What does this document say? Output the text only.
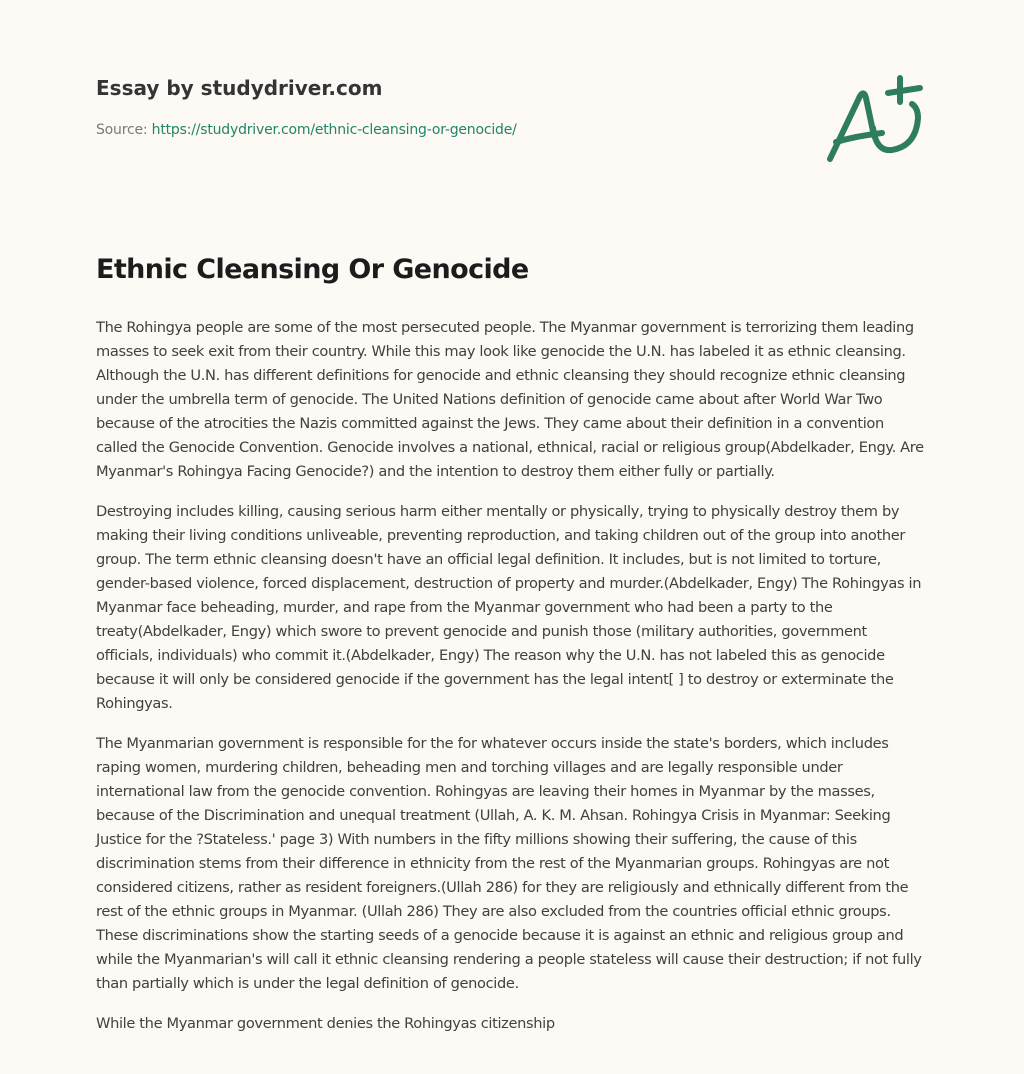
Essay by studydriver.com
Source: https://studydriver.com/ethnic-cleansing-or-genocide/
Ethnic Cleansing Or Genocide

The Rohingya people are some of the most persecuted people. The Myanmar government is terrorizing them leading masses to seek exit from their country. While this may look like genocide the U.N. has labeled it as ethnic cleansing. Although the U.N. has different definitions for genocide and ethnic cleansing they should recognize ethnic cleansing under the umbrella term of genocide. The United Nations definition of genocide came about after World War Two because of the atrocities the Nazis committed against the Jews. They came about their definition in a convention called the Genocide Convention. Genocide involves a national, ethnical, racial or religious group(Abdelkader, Engy. Are Myanmar's Rohingya Facing Genocide?) and the intention to destroy them either fully or partially.

Destroying includes killing, causing serious harm either mentally or physically, trying to physically destroy them by making their living conditions unliveable, preventing reproduction, and taking children out of the group into another group. The term ethnic cleansing doesn't have an official legal definition. It includes, but is not limited to torture, gender-based violence, forced displacement, destruction of property and murder.(Abdelkader, Engy) The Rohingyas in Myanmar face beheading, murder, and rape from the Myanmar government who had been a party to the treaty(Abdelkader, Engy) which swore to prevent genocide and punish those (military authorities, government officials, individuals) who commit it.(Abdelkader, Engy) The reason why the U.N. has not labeled this as genocide because it will only be considered genocide if the government has the legal intent[ ] to destroy or exterminate the Rohingyas.

The Myanmarian government is responsible for the for whatever occurs inside the state's borders, which includes raping women, murdering children, beheading men and torching villages and are legally responsible under international law from the genocide convention. Rohingyas are leaving their homes in Myanmar by the masses, because of the Discrimination and unequal treatment (Ullah, A. K. M. Ahsan. Rohingya Crisis in Myanmar: Seeking Justice for the ?Stateless.' page 3) With numbers in the fifty millions showing their suffering, the cause of this discrimination stems from their difference in ethnicity from the rest of the Myanmarian groups. Rohingyas are not considered citizens, rather as resident foreigners.(Ullah 286) for they are religiously and ethnically different from the rest of the ethnic groups in Myanmar. (Ullah 286) They are also excluded from the countries official ethnic groups. These discriminations show the starting seeds of a genocide because it is against an ethnic and religious group and while the Myanmarian's will call it ethnic cleansing rendering a people stateless will cause their destruction; if not fully than partially which is under the legal definition of genocide.

While the Myanmar government denies the Rohingyas citizenship
